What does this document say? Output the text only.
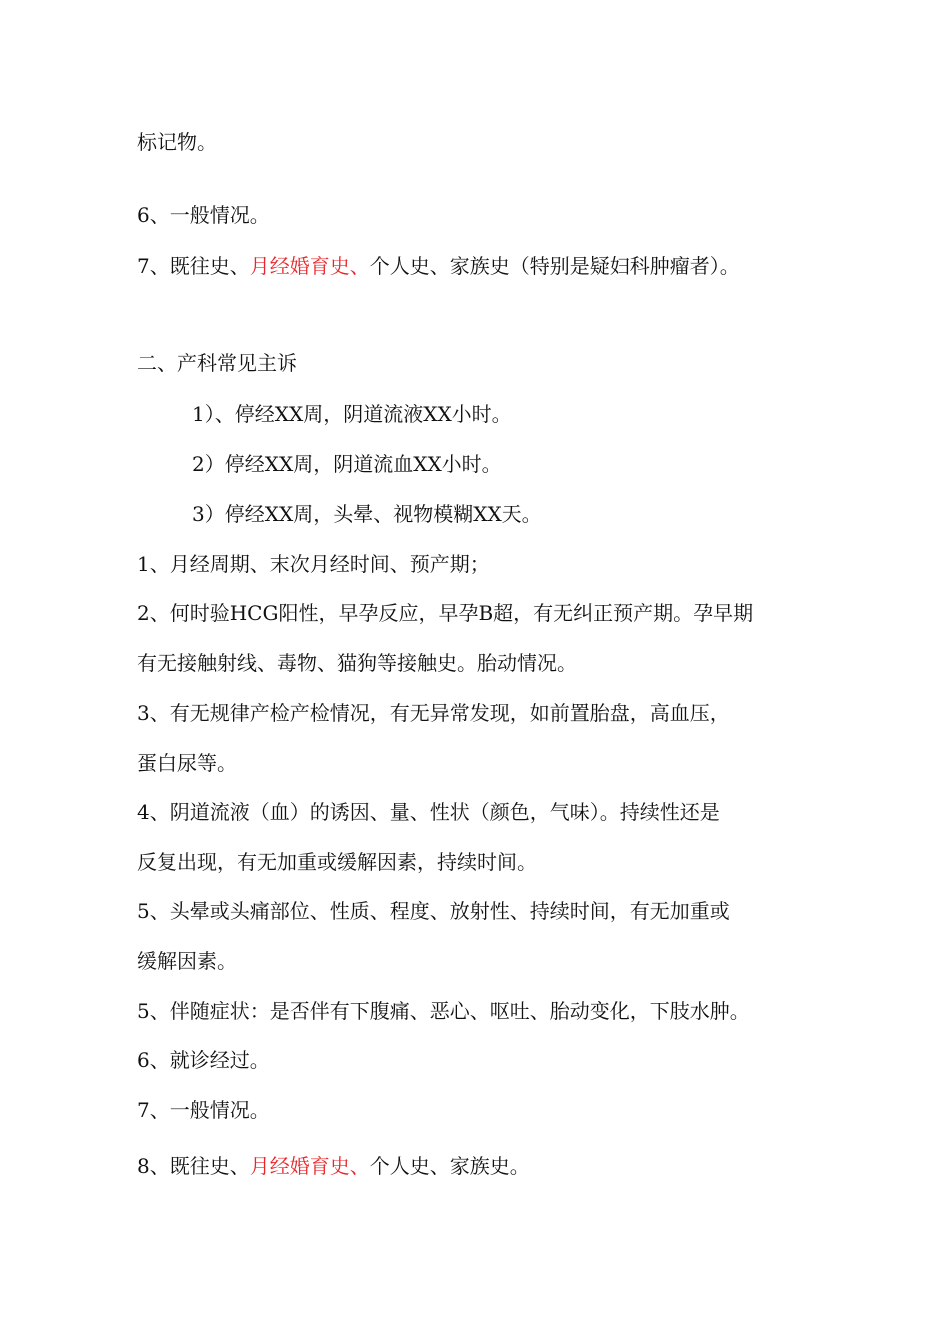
标记物。
6、一般情况。
7、既往史、月经婚育史、个人史、家族史（特别是疑妇科肿瘤者）。
二、产科常见主诉
1）、停经XX周，阴道流液XX小时。
2）停经XX周，阴道流血XX小时。
3）停经XX周，头晕、视物模糊XX天。
1、月经周期、末次月经时间、预产期；
2、何时验HCG阳性，早孕反应，早孕B超，有无纠正预产期。孕早期
有无接触射线、毒物、猫狗等接触史。胎动情况。
3、有无规律产检产检情况，有无异常发现，如前置胎盘，高血压，
蛋白尿等。
4、阴道流液（血）的诱因、量、性状（颜色，气味）。持续性还是
反复出现，有无加重或缓解因素，持续时间。
5、头晕或头痛部位、性质、程度、放射性、持续时间，有无加重或
缓解因素。
5、伴随症状：是否伴有下腹痛、恶心、呕吐、胎动变化，下肢水肿。
6、就诊经过。
7、一般情况。
8、既往史、月经婚育史、个人史、家族史。
